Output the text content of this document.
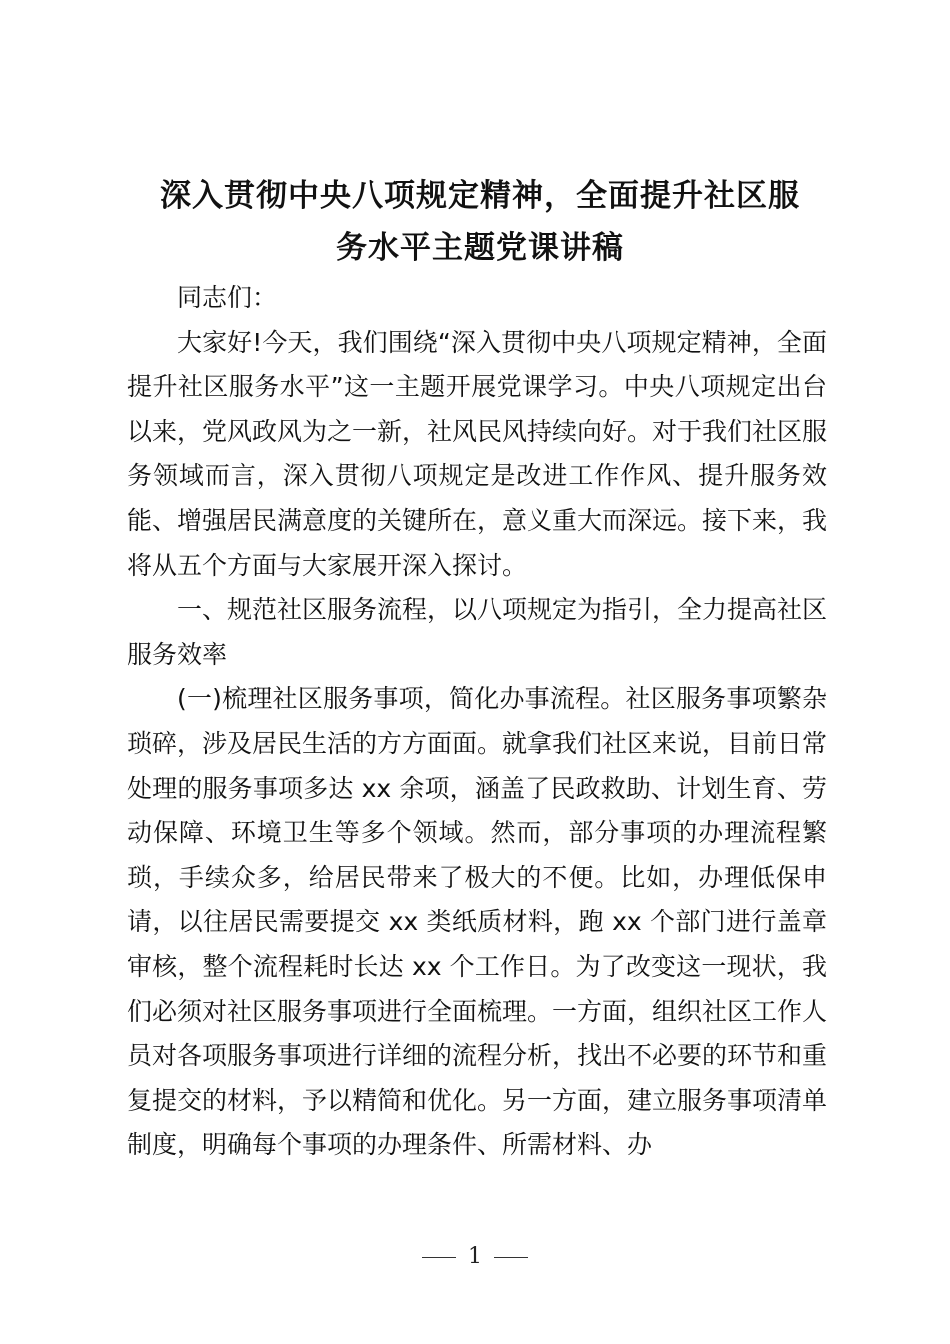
深入贯彻中央八项规定精神，全面提升社区服
务水平主题党课讲稿

同志们：

大家好!今天，我们围绕“深入贯彻中央八项规定精神，全面提升社区服务水平”这一主题开展党课学习。中央八项规定出台以来，党风政风为之一新，社风民风持续向好。对于我们社区服务领域而言，深入贯彻八项规定是改进工作作风、提升服务效能、增强居民满意度的关键所在，意义重大而深远。接下来，我将从五个方面与大家展开深入探讨。

一、规范社区服务流程，以八项规定为指引，全力提高社区服务效率

(一)梳理社区服务事项，简化办事流程。社区服务事项繁杂琐碎，涉及居民生活的方方面面。就拿我们社区来说，目前日常处理的服务事项多达 xx 余项，涵盖了民政救助、计划生育、劳动保障、环境卫生等多个领域。然而，部分事项的办理流程繁琐，手续众多，给居民带来了极大的不便。比如，办理低保申请，以往居民需要提交 xx 类纸质材料，跑 xx 个部门进行盖章审核，整个流程耗时长达 xx 个工作日。为了改变这一现状，我们必须对社区服务事项进行全面梳理。一方面，组织社区工作人员对各项服务事项进行详细的流程分析，找出不必要的环节和重复提交的材料，予以精简和优化。另一方面，建立服务事项清单制度，明确每个事项的办理条件、所需材料、办

1
